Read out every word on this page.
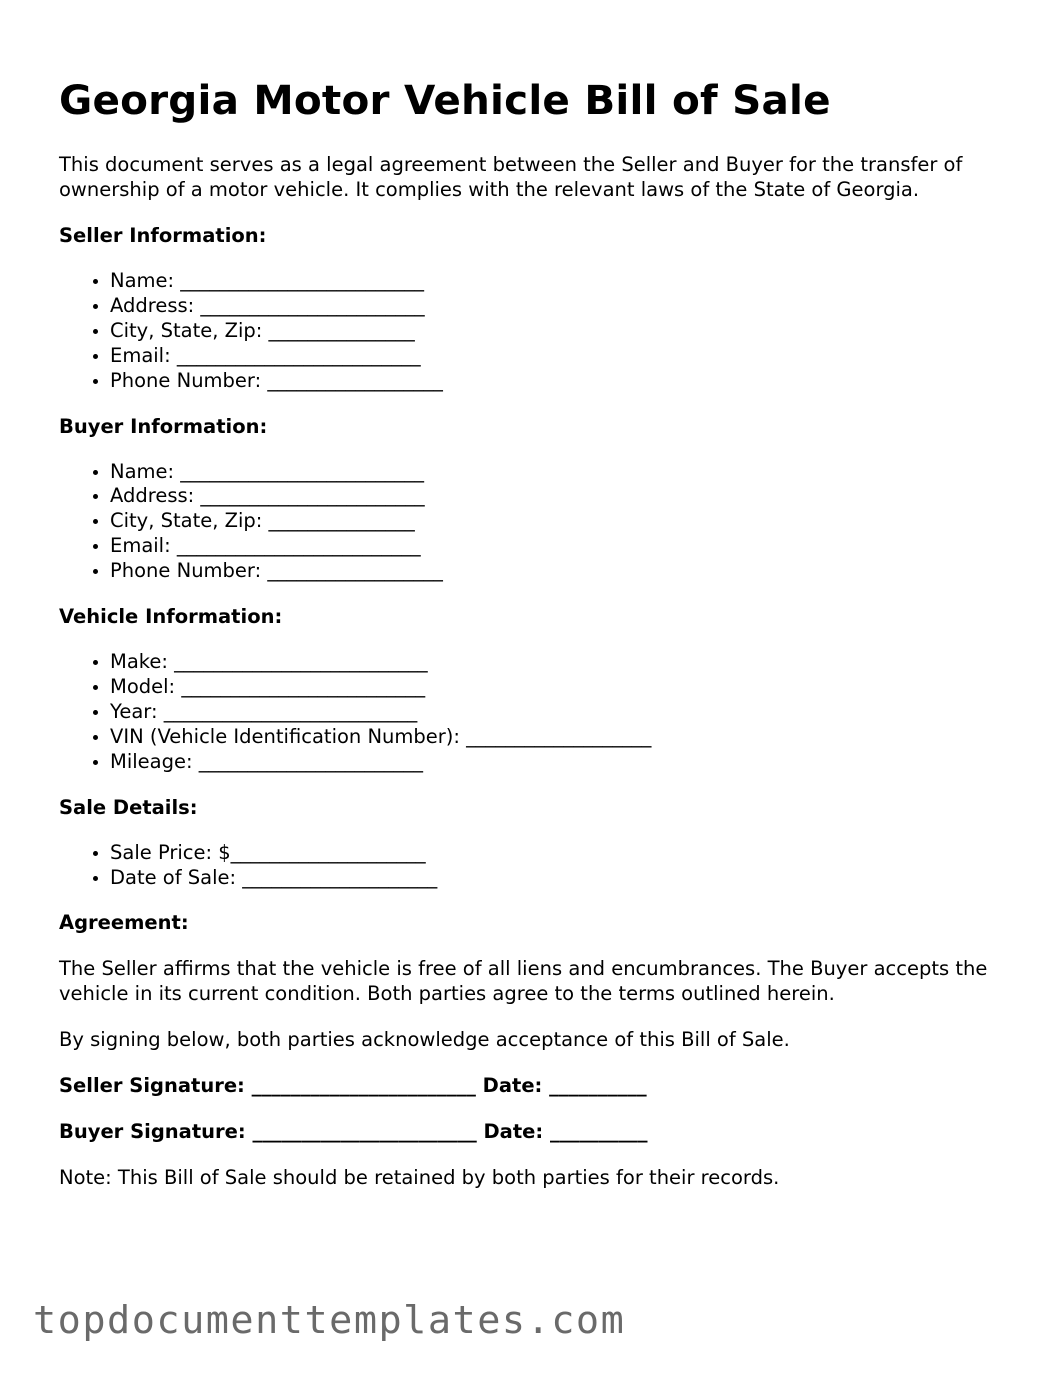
Georgia Motor Vehicle Bill of Sale

This document serves as a legal agreement between the Seller and Buyer for the transfer of ownership of a motor vehicle. It complies with the relevant laws of the State of Georgia.

Seller Information:
• Name: _________________________
• Address: _______________________
• City, State, Zip: _______________
• Email: _________________________
• Phone Number: __________________
Buyer Information:
• Name: _________________________
• Address: _______________________
• City, State, Zip: _______________
• Email: _________________________
• Phone Number: __________________
Vehicle Information:
• Make: __________________________
• Model: _________________________
• Year: __________________________
• VIN (Vehicle Identification Number): ___________________
• Mileage: _______________________
Sale Details:
• Sale Price: $____________________
• Date of Sale: ____________________
Agreement:

The Seller affirms that the vehicle is free of all liens and encumbrances. The Buyer accepts the vehicle in its current condition. Both parties agree to the terms outlined herein.

By signing below, both parties acknowledge acceptance of this Bill of Sale.

Seller Signature: _______________________ Date: __________
Buyer Signature: _______________________ Date: __________

Note: This Bill of Sale should be retained by both parties for their records.

topdocumenttemplates.com
